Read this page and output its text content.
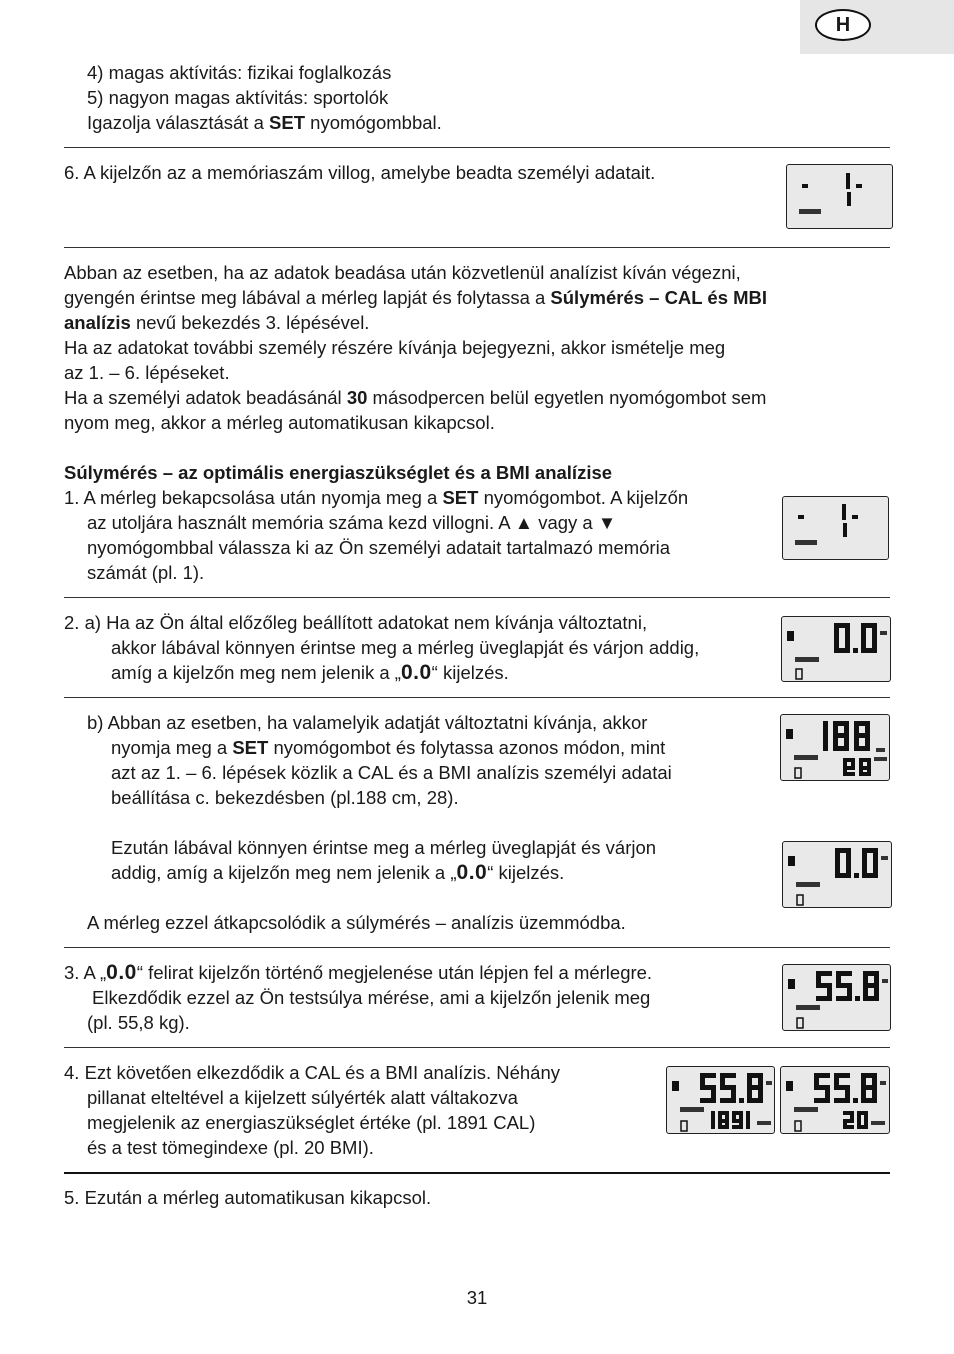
H
4) magas aktívitás: fizikai foglalkozás
5) nagyon magas aktívitás: sportolók
Igazolja választását a SET nyomógombbal.
6. A kijelzőn az a memóriaszám villog, amelybe beadta személyi adatait.
Abban az esetben, ha az adatok beadása után közvetlenül analízist kíván végezni,
gyengén érintse meg lábával a mérleg lapját és folytassa a Súlymérés – CAL és MBI
analízis nevű bekezdés 3. lépésével.
Ha az adatokat további személy részére kívánja bejegyezni, akkor ismételje meg
az 1. – 6. lépéseket.
Ha a személyi adatok beadásánál 30 másodpercen belül egyetlen nyomógombot sem
nyom meg, akkor a mérleg automatikusan kikapcsol.
Súlymérés – az optimális energiaszükséglet és a BMI analízise
1. A mérleg bekapcsolása után nyomja meg a SET nyomógombot. A kijelzőn
az utoljára használt memória száma kezd villogni. A ▲ vagy a ▼
nyomógombbal válassza ki az Ön személyi adatait tartalmazó memória
számát (pl. 1).
2. a) Ha az Ön által előzőleg beállított adatokat nem kívánja változtatni,
akkor lábával könnyen érintse meg a mérleg üveglapját és várjon addig,
amíg a kijelzőn meg nem jelenik a „0.0“ kijelzés.
b) Abban az esetben, ha valamelyik adatját változtatni kívánja, akkor
nyomja meg a SET nyomógombot és folytassa azonos módon, mint
azt az 1. – 6. lépések közlik a CAL és a BMI analízis személyi adatai
beállítása c. bekezdésben (pl.188 cm, 28).
Ezután lábával könnyen érintse meg a mérleg üveglapját és várjon
addig, amíg a kijelzőn meg nem jelenik a „0.0“ kijelzés.
A mérleg ezzel átkapcsolódik a súlymérés – analízis üzemmódba.
3. A „0.0“ felirat kijelzőn történő megjelenése után lépjen fel a mérlegre.
Elkezdődik ezzel az Ön testsúlya mérése, ami a kijelzőn jelenik meg
(pl. 55,8 kg).
4. Ezt követően elkezdődik a CAL és a BMI analízis. Néhány
pillanat elteltével a kijelzett súlyérték alatt váltakozva
megjelenik az energiaszükséglet értéke (pl. 1891 CAL)
és a test tömegindexe (pl. 20 BMI).
5. Ezután a mérleg automatikusan kikapcsol.
31
